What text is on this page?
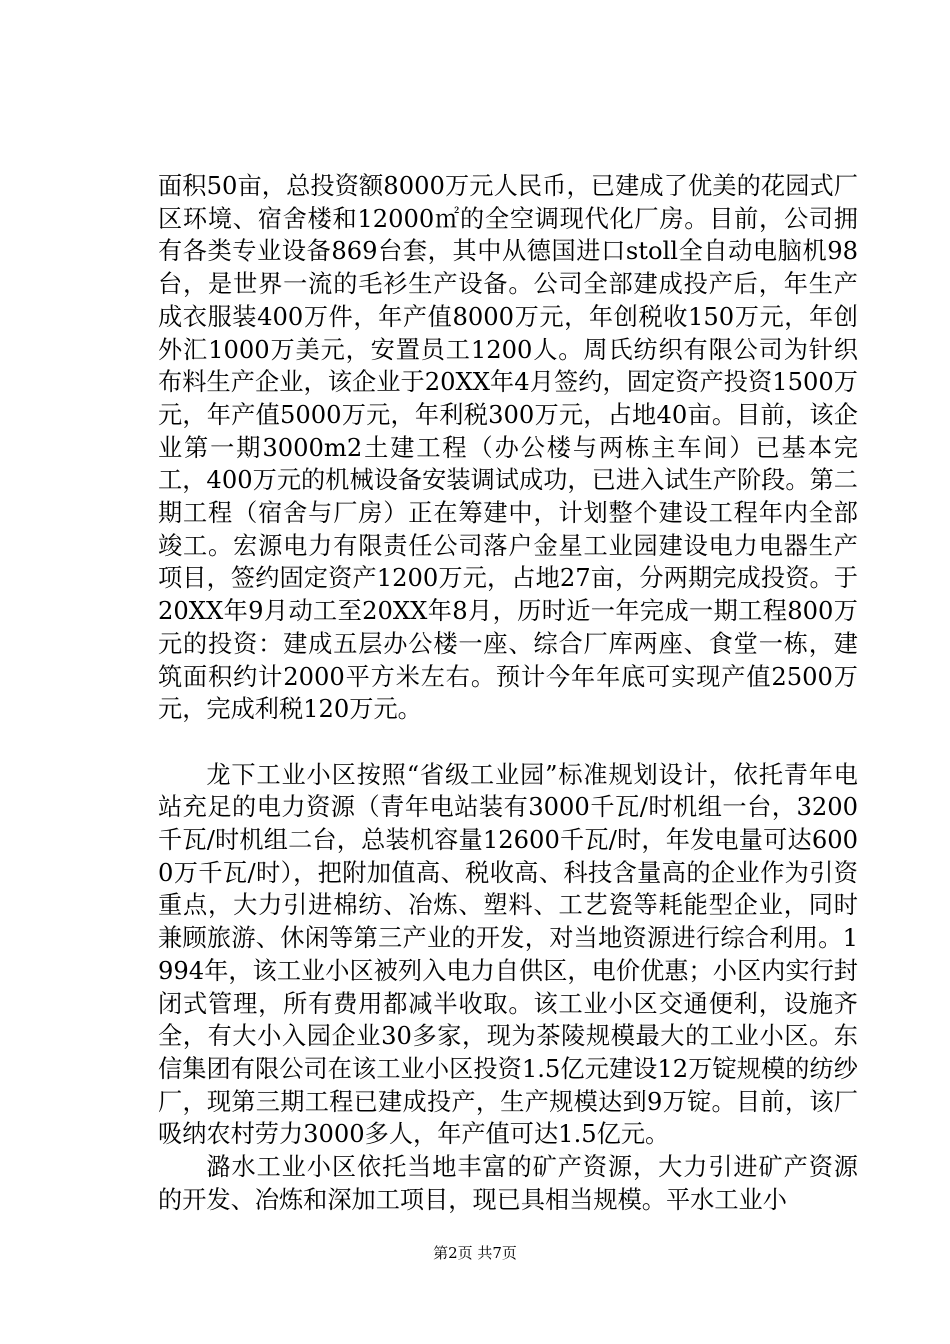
面积50亩，总投资额8000万元人民币，已建成了优美的花园式厂区环境、宿舍楼和12000㎡的全空调现代化厂房。目前，公司拥有各类专业设备869台套，其中从德国进口stoll全自动电脑机98台，是世界一流的毛衫生产设备。公司全部建成投产后，年生产成衣服装400万件，年产值8000万元，年创税收150万元，年创外汇1000万美元，安置员工1200人。周氏纺织有限公司为针织布料生产企业，该企业于20XX年4月签约，固定资产投资1500万元，年产值5000万元，年利税300万元，占地40亩。目前，该企业第一期3000m2土建工程（办公楼与两栋主车间）已基本完工，400万元的机械设备安装调试成功，已进入试生产阶段。第二期工程（宿舍与厂房）正在筹建中，计划整个建设工程年内全部竣工。宏源电力有限责任公司落户金星工业园建设电力电器生产项目，签约固定资产1200万元，占地27亩，分两期完成投资。于20XX年9月动工至20XX年8月，历时近一年完成一期工程800万元的投资：建成五层办公楼一座、综合厂库两座、食堂一栋，建筑面积约计2000平方米左右。预计今年年底可实现产值2500万元，完成利税120万元。

龙下工业小区按照“省级工业园”标准规划设计，依托青年电站充足的电力资源（青年电站装有3000千瓦/时机组一台，3200千瓦/时机组二台，总装机容量12600千瓦/时，年发电量可达6000万千瓦/时），把附加值高、税收高、科技含量高的企业作为引资重点，大力引进棉纺、冶炼、塑料、工艺瓷等耗能型企业，同时兼顾旅游、休闲等第三产业的开发，对当地资源进行综合利用。1994年，该工业小区被列入电力自供区，电价优惠；小区内实行封闭式管理，所有费用都减半收取。该工业小区交通便利，设施齐全，有大小入园企业30多家，现为茶陵规模最大的工业小区。东信集团有限公司在该工业小区投资1.5亿元建设12万锭规模的纺纱厂，现第三期工程已建成投产，生产规模达到9万锭。目前，该厂吸纳农村劳力3000多人，年产值可达1.5亿元。

潞水工业小区依托当地丰富的矿产资源，大力引进矿产资源的开发、冶炼和深加工项目，现已具相当规模。平水工业小

第2页 共7页
